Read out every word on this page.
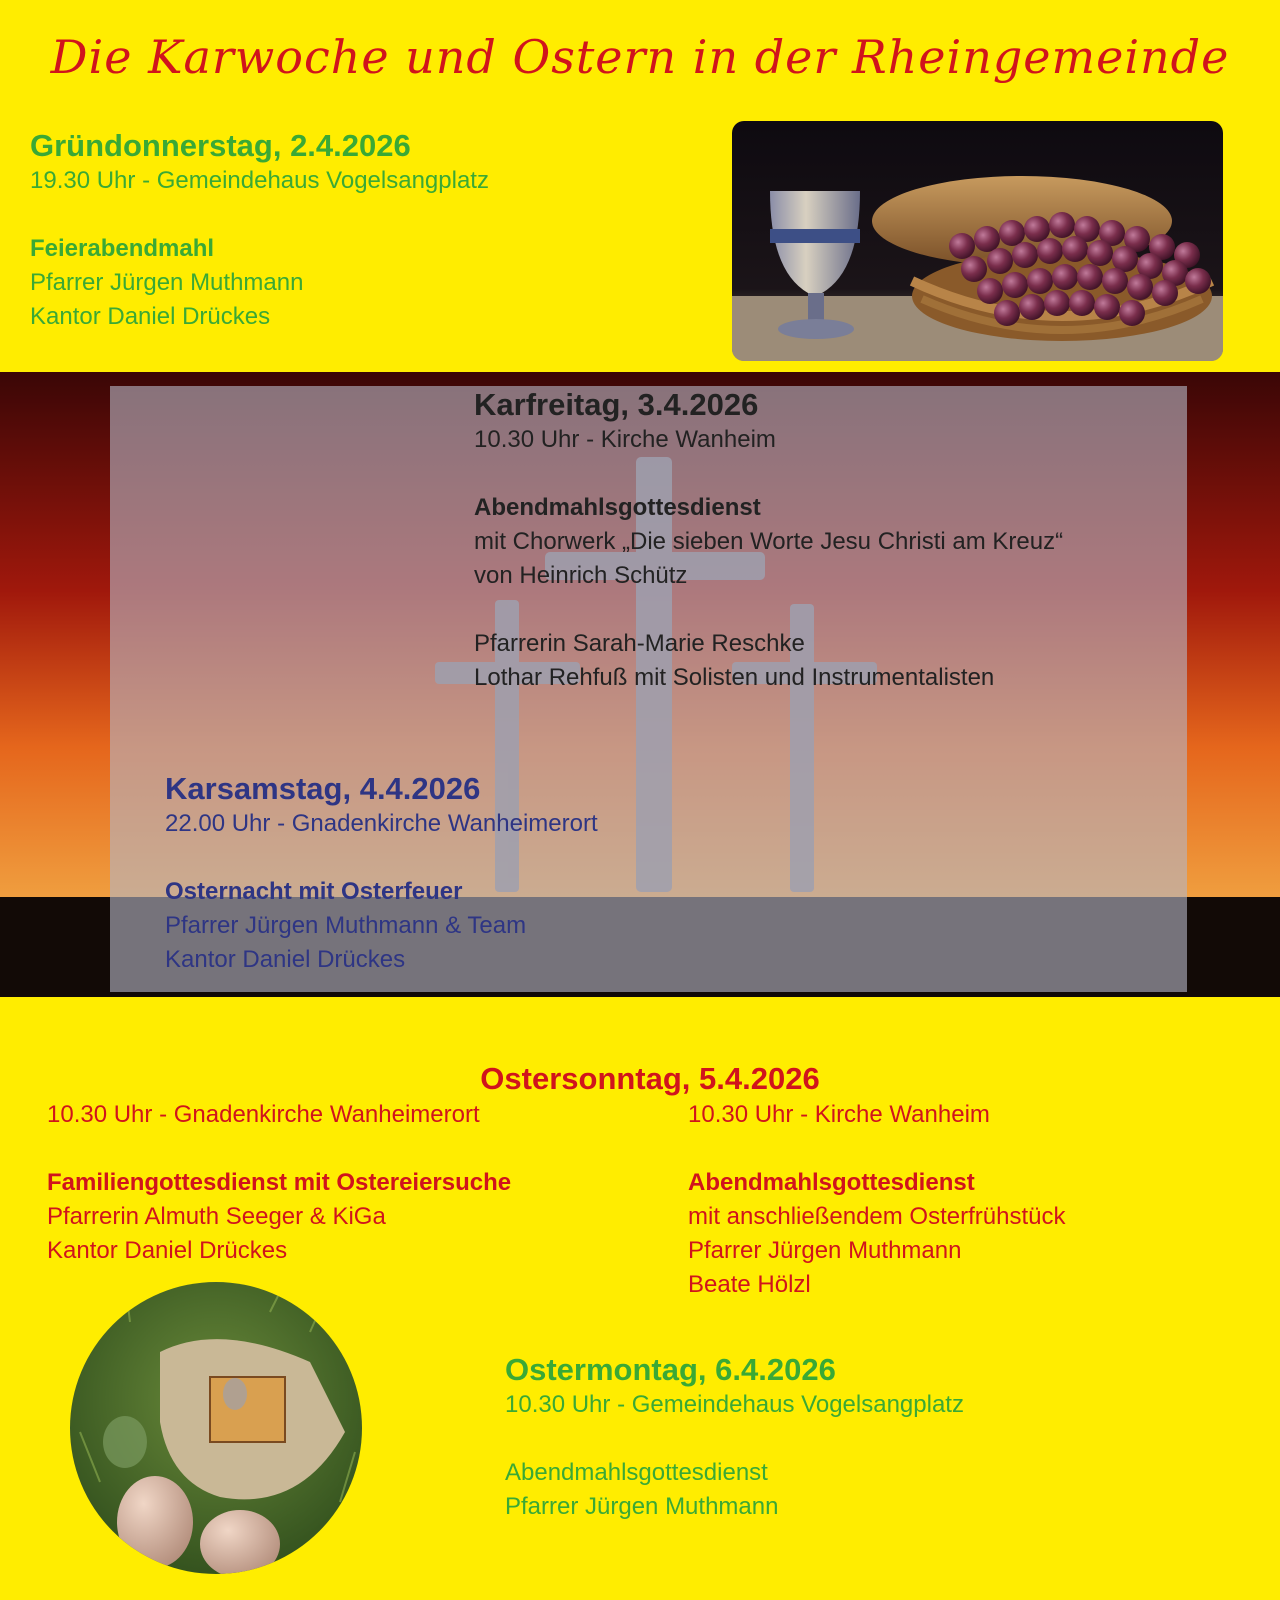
Die Karwoche und Ostern in der Rheingemeinde
Gründonnerstag, 2.4.2026
19.30 Uhr - Gemeindehaus Vogelsangplatz
Feierabendmahl
Pfarrer Jürgen Muthmann
Kantor Daniel Drückes
Karfreitag, 3.4.2026
10.30 Uhr - Kirche Wanheim
Abendmahlsgottesdienst
mit Chorwerk „Die sieben Worte Jesu Christi am Kreuz“
von Heinrich Schütz
Pfarrerin Sarah-Marie Reschke
Lothar Rehfuß mit Solisten und Instrumentalisten
Karsamstag, 4.4.2026
22.00 Uhr - Gnadenkirche Wanheimerort
Osternacht mit Osterfeuer
Pfarrer Jürgen Muthmann & Team
Kantor Daniel Drückes
Ostersonntag, 5.4.2026
10.30 Uhr - Gnadenkirche Wanheimerort
Familiengottesdienst mit Ostereiersuche
Pfarrerin Almuth Seeger & KiGa
Kantor Daniel Drückes
10.30 Uhr - Kirche Wanheim
Abendmahlsgottesdienst
mit anschließendem Osterfrühstück
Pfarrer Jürgen Muthmann
Beate Hölzl
Ostermontag, 6.4.2026
10.30 Uhr - Gemeindehaus Vogelsangplatz
Abendmahlsgottesdienst
Pfarrer Jürgen Muthmann
